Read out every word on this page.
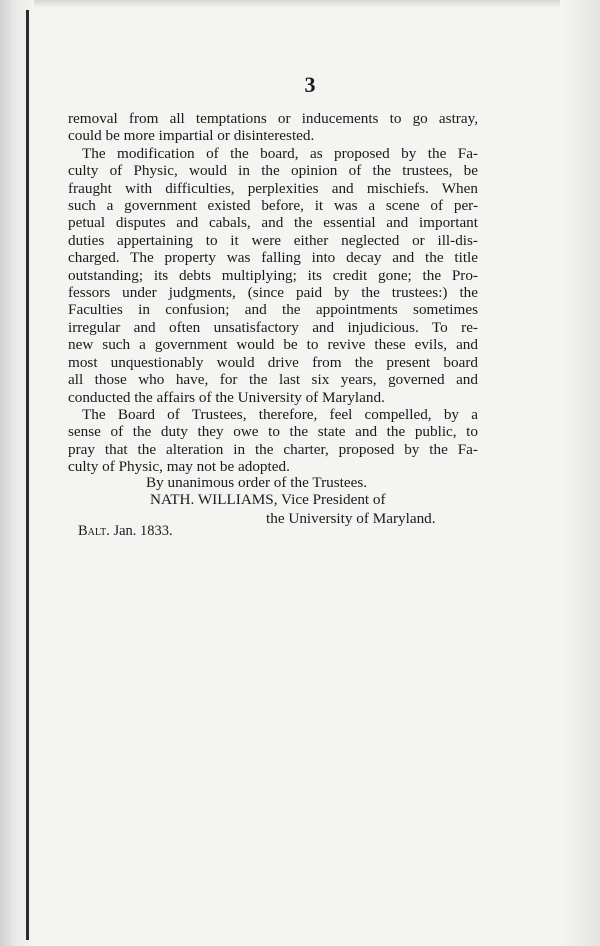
3
removal from all temptations or inducements to go astray,
could be more impartial or disinterested.
The modification of the board, as proposed by the Fa-
culty of Physic, would in the opinion of the trustees, be
fraught with difficulties, perplexities and mischiefs. When
such a government existed before, it was a scene of per-
petual disputes and cabals, and the essential and important
duties appertaining to it were either neglected or ill-dis-
charged. The property was falling into decay and the title
outstanding; its debts multiplying; its credit gone; the Pro-
fessors under judgments, (since paid by the trustees:) the
Faculties in confusion; and the appointments sometimes
irregular and often unsatisfactory and injudicious. To re-
new such a government would be to revive these evils, and
most unquestionably would drive from the present board
all those who have, for the last six years, governed and
conducted the affairs of the University of Maryland.
The Board of Trustees, therefore, feel compelled, by a
sense of the duty they owe to the state and the public, to
pray that the alteration in the charter, proposed by the Fa-
culty of Physic, may not be adopted.
By unanimous order of the Trustees.
NATH. WILLIAMS, Vice President of
the University of Maryland.
Balt. Jan. 1833.
